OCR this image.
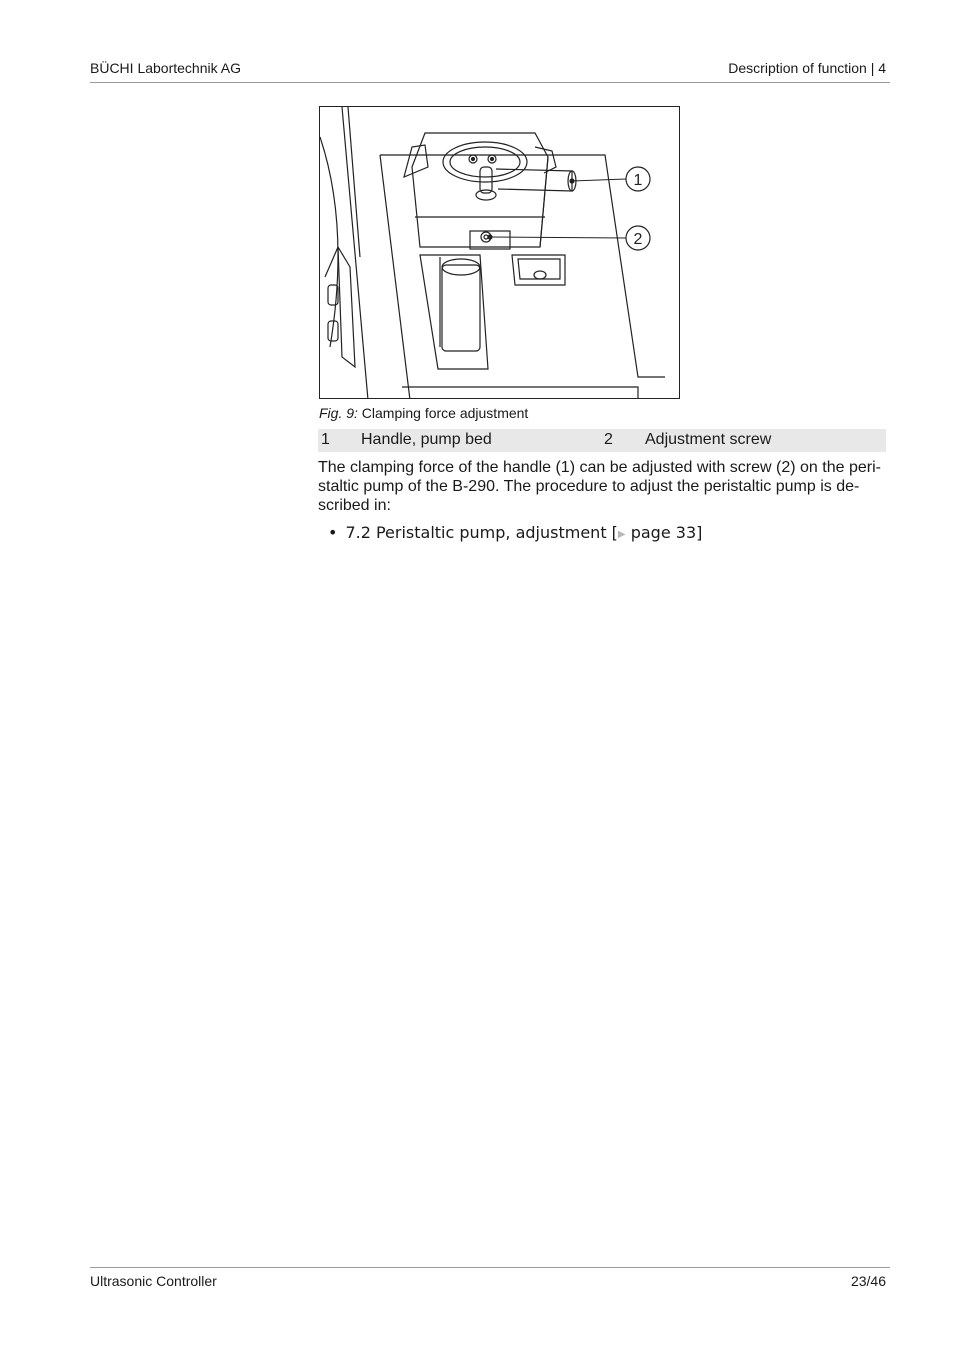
BÜCHI Labortechnik AG	Description of function | 4
1
2
Fig. 9: Clamping force adjustment
1 Handle, pump bed	2 Adjustment screw

The clamping force of the handle (1) can be adjusted with screw (2) on the peri-staltic pump of the B-290. The procedure to adjust the peristaltic pump is de-scribed in:

• 7.2 Peristaltic pump, adjustment [▶ page 33]
Ultrasonic Controller	23/46
